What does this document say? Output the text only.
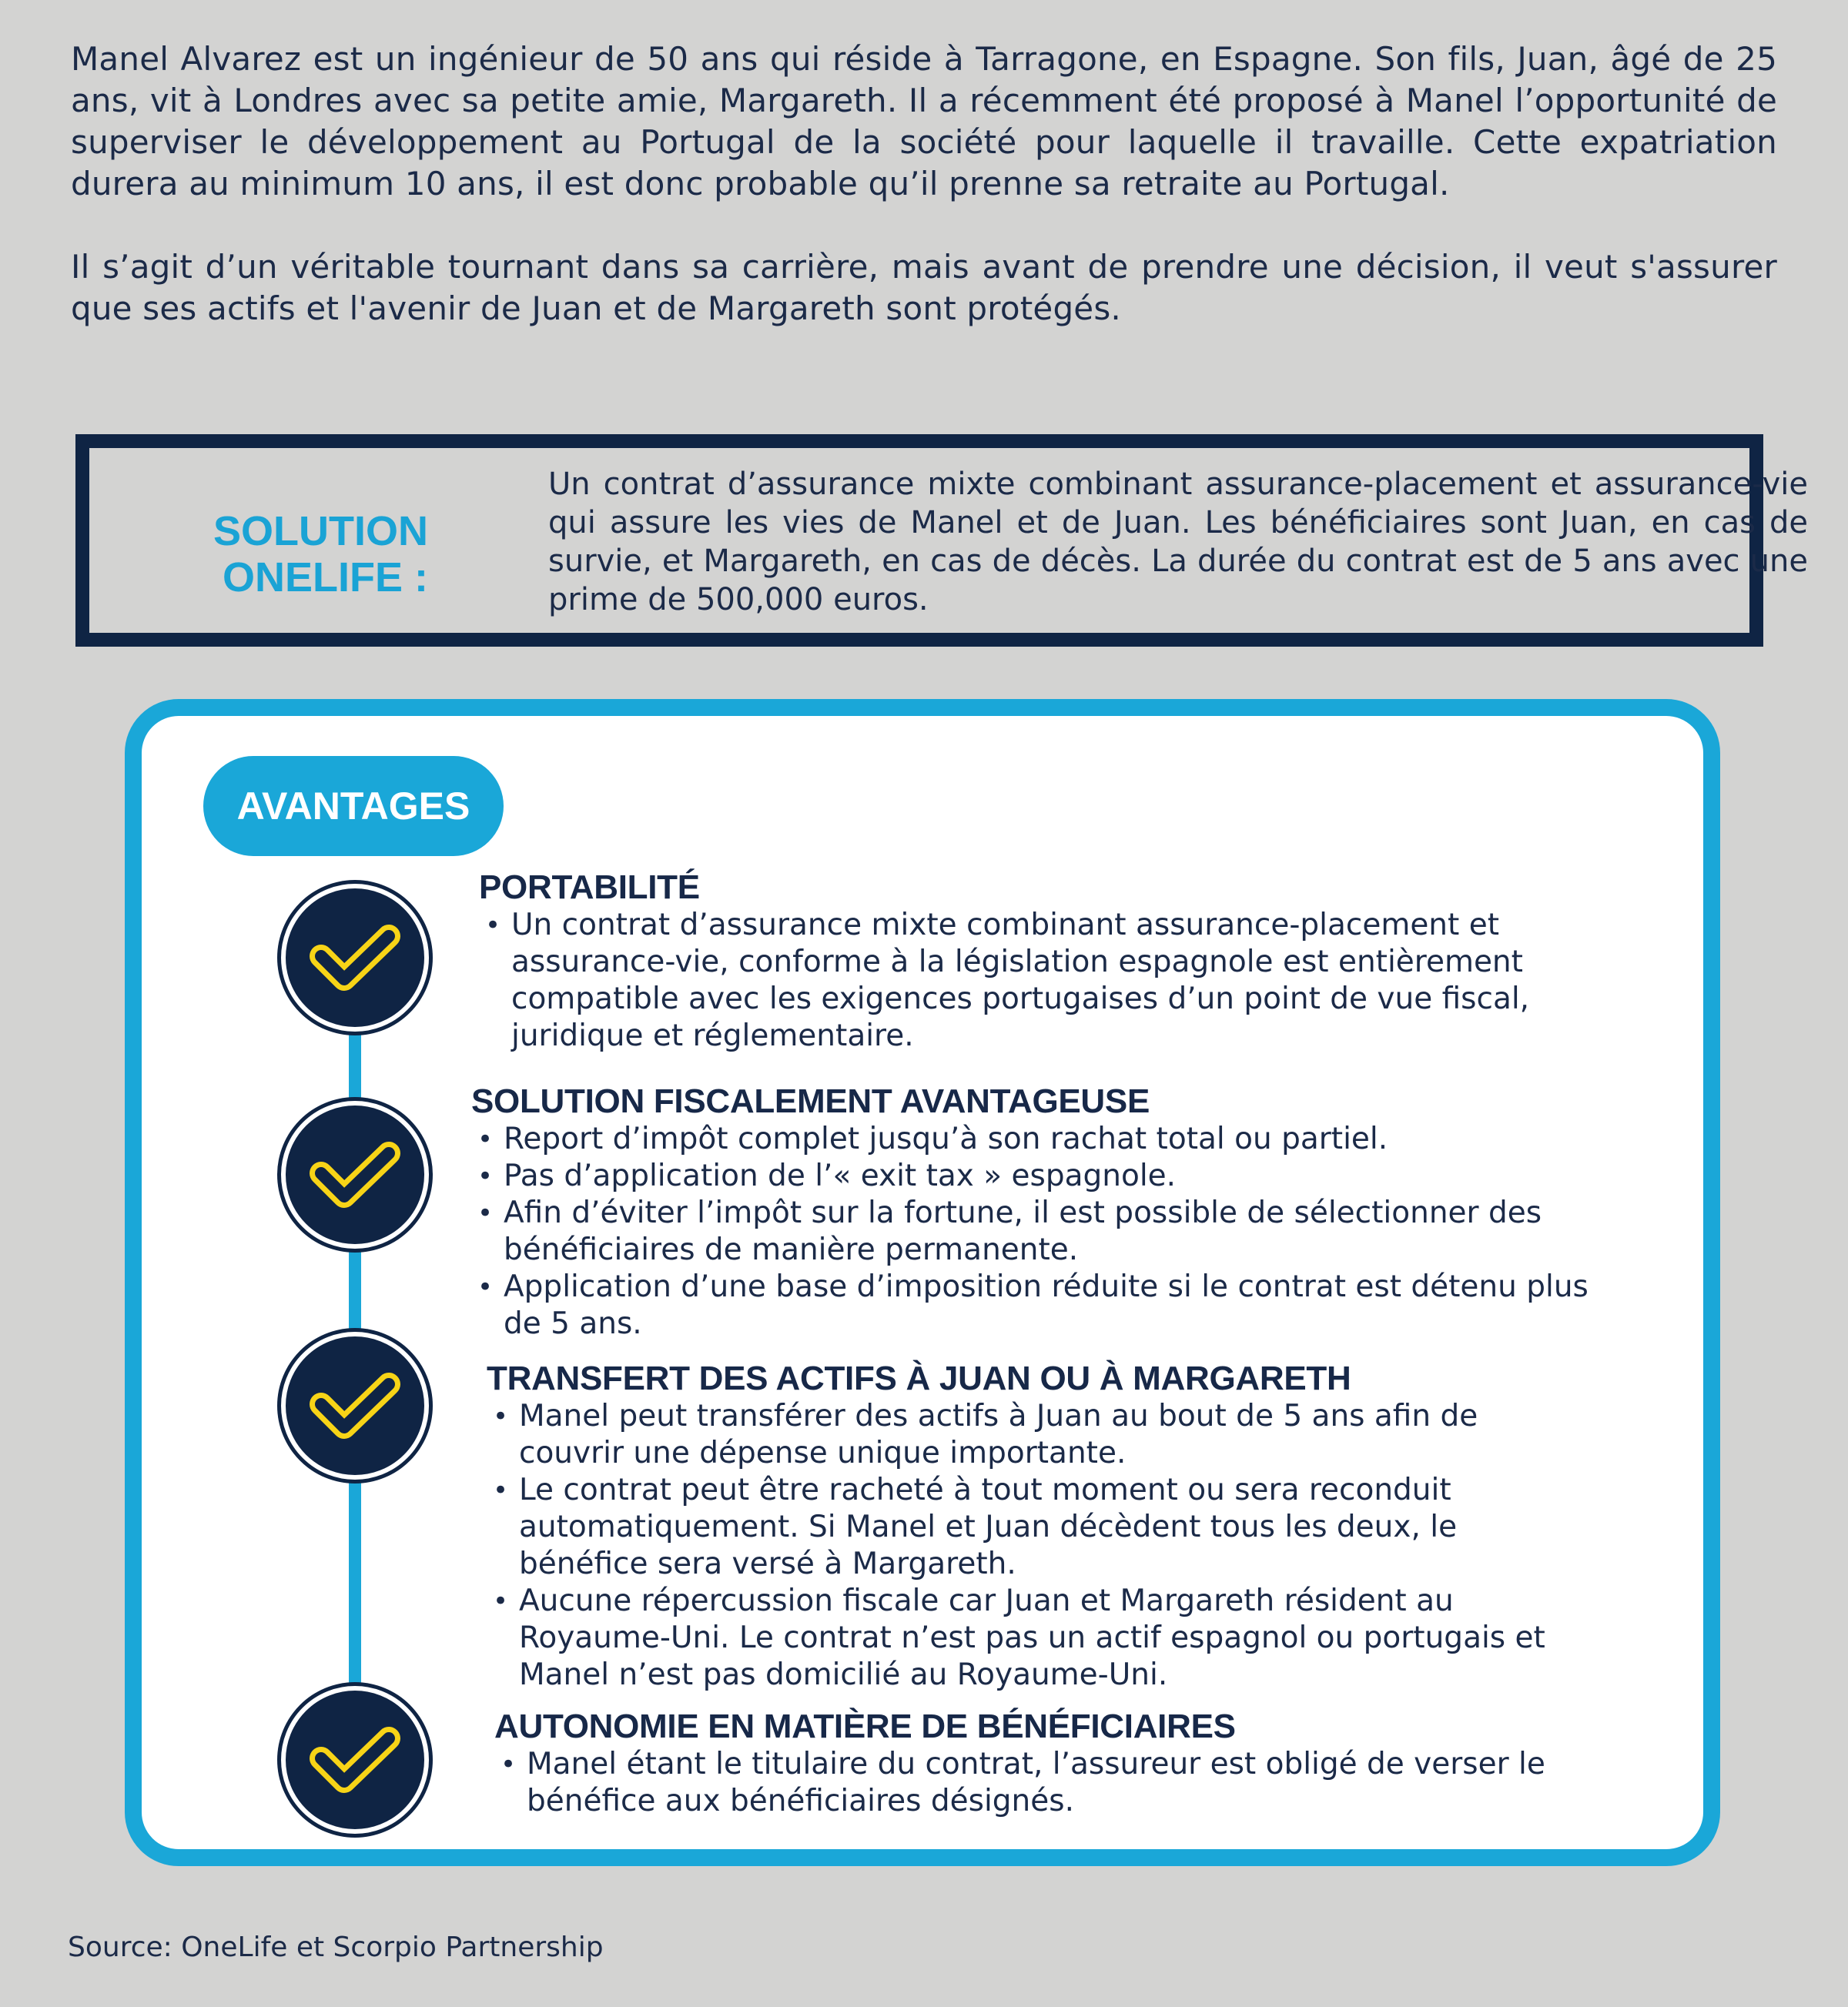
Manel Alvarez est un ingénieur de 50 ans qui réside à Tarragone, en Espagne. Son fils, Juan, âgé de 25 ans, vit à Londres avec sa petite amie, Margareth. Il a récemment été proposé à Manel l’opportunité de superviser le développement au Portugal de la société pour laquelle il travaille. Cette expatriation durera au minimum 10 ans, il est donc probable qu’il prenne sa retraite au Portugal.

Il s’agit d’un véritable tournant dans sa carrière, mais avant de prendre une décision, il veut s'assurer que ses actifs et l'avenir de Juan et de Margareth sont protégés.

SOLUTION
ONELIFE :
Un contrat d’assurance mixte combinant assurance-placement et assurance-vie qui assure les vies de Manel et de Juan. Les bénéficiaires sont Juan, en cas de survie, et Margareth, en cas de décès. La durée du contrat est de 5 ans avec une prime de 500,000 euros.
AVANTAGES
PORTABILITÉ
• Un contrat d’assurance mixte combinant assurance-placement et assurance-vie, conforme à la législation espagnole est entièrement compatible avec les exigences portugaises d’un point de vue fiscal, juridique et réglementaire.
SOLUTION FISCALEMENT AVANTAGEUSE
• Report d’impôt complet jusqu’à son rachat total ou partiel.
• Pas d’application de l’« exit tax » espagnole.
• Afin d’éviter l’impôt sur la fortune, il est possible de sélectionner des bénéficiaires de manière permanente.
• Application d’une base d’imposition réduite si le contrat est détenu plus de 5 ans.
TRANSFERT DES ACTIFS À JUAN OU À MARGARETH
• Manel peut transférer des actifs à Juan au bout de 5 ans afin de couvrir une dépense unique importante.
• Le contrat peut être racheté à tout moment ou sera reconduit automatiquement. Si Manel et Juan décèdent tous les deux, le bénéfice sera versé à Margareth.
• Aucune répercussion fiscale car Juan et Margareth résident au Royaume-Uni. Le contrat n’est pas un actif espagnol ou portugais et Manel n’est pas domicilié au Royaume-Uni.
AUTONOMIE EN MATIÈRE DE BÉNÉFICIAIRES
• Manel étant le titulaire du contrat, l’assureur est obligé de verser le bénéfice aux bénéficiaires désignés.
Source: OneLife et Scorpio Partnership
